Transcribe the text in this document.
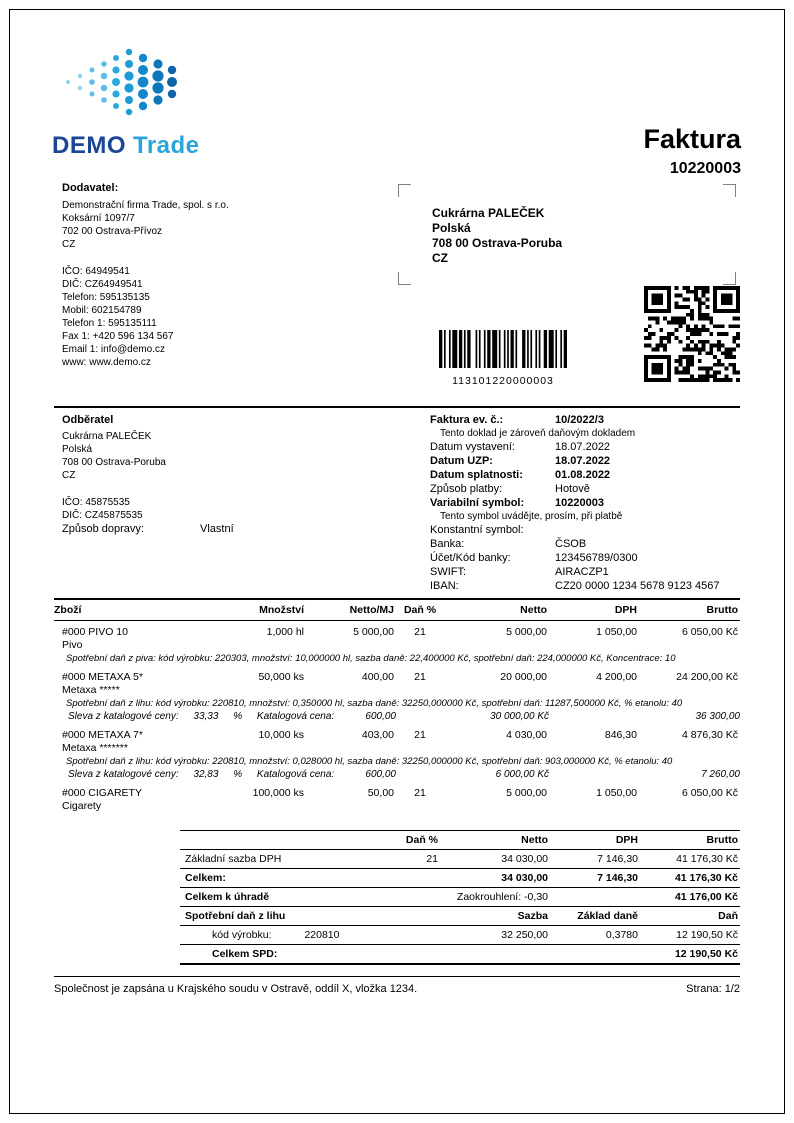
DEMO Trade	Faktura
10220003
Dodavatel:
Demonstrační firma Trade, spol. s r.o.
Koksární 1097/7
702 00 Ostrava-Přívoz
CZ
IČO: 64949541
DIČ: CZ64949541
Telefon: 595135135
Mobil: 602154789
Telefon 1: 595135111
Fax 1: +420 596 134 567
Email 1: info@demo.cz
www: www.demo.cz
Cukrárna PALEČEK
Polská
708 00 Ostrava-Poruba
CZ
113101220000003
Odběratel
Cukrárna PALEČEK
Polská
708 00 Ostrava-Poruba
CZ
IČO: 45875535
DIČ: CZ45875535
Způsob dopravy:	Vlastní
Faktura ev. č.:	10/2022/3
Tento doklad je zároveň daňovým dokladem
Datum vystavení:	18.07.2022
Datum UZP:	18.07.2022
Datum splatnosti:	01.08.2022
Způsob platby:	Hotově
Variabilní symbol:	10220003
Tento symbol uvádějte, prosím, při platbě
Konstantní symbol:
Banka:	ČSOB
Účet/Kód banky:	123456789/0300
SWIFT:	AIRACZP1
IBAN:	CZ20 0000 1234 5678 9123 4567
Zboží	Množství	Netto/MJ	Daň %	Netto	DPH	Brutto
#000 PIVO 10	1,000 hl	5 000,00	21	5 000,00	1 050,00	6 050,00 Kč
Pivo						
Spotřební daň z piva: kód výrobku: 220303, množství: 10,000000 hl, sazba daně: 22,400000 Kč, spotřební daň: 224,000000 Kč, Koncentrace: 10						
#000 METAXA 5*	50,000 ks	400,00	21	20 000,00	4 200,00	24 200,00 Kč
Metaxa *****						
Spotřební daň z lihu: kód výrobku: 220810, množství: 0,350000 hl, sazba daně: 32250,000000 Kč, spotřební daň: 11287,500000 Kč, % etanolu: 40						

Sleva z katalogové ceny: 33,33 % Katalogová cena: 600,00				30 000,00 Kč		36 300,00
#000 METAXA 7*	10,000 ks	403,00	21	4 030,00	846,30	4 876,30 Kč
Metaxa *******						
Spotřební daň z lihu: kód výrobku: 220810, množství: 0,028000 hl, sazba daně: 32250,000000 Kč, spotřební daň: 903,000000 Kč, % etanolu: 40						

Sleva z katalogové ceny: 32,83 % Katalogová cena: 600,00				6 000,00 Kč		7 260,00
#000 CIGARETY	100,000 ks	50,00	21	5 000,00	1 050,00	6 050,00 Kč
Cigarety						
	Daň %	Netto	DPH	Brutto
Základní sazba DPH	21	34 030,00	7 146,30	41 176,30 Kč
Celkem:		34 030,00	7 146,30	41 176,30 Kč
Celkem k úhradě	Zaokrouhlení: -0,30			41 176,00 Kč
Spotřební daň z lihu		Sazba	Základ daně	Daň
kód výrobku: 220810		32 250,00	0,3780	12 190,50 Kč
Celkem SPD:				12 190,50 Kč
Společnost je zapsána u Krajského soudu v Ostravě, oddíl X, vložka 1234.	Strana: 1/2
